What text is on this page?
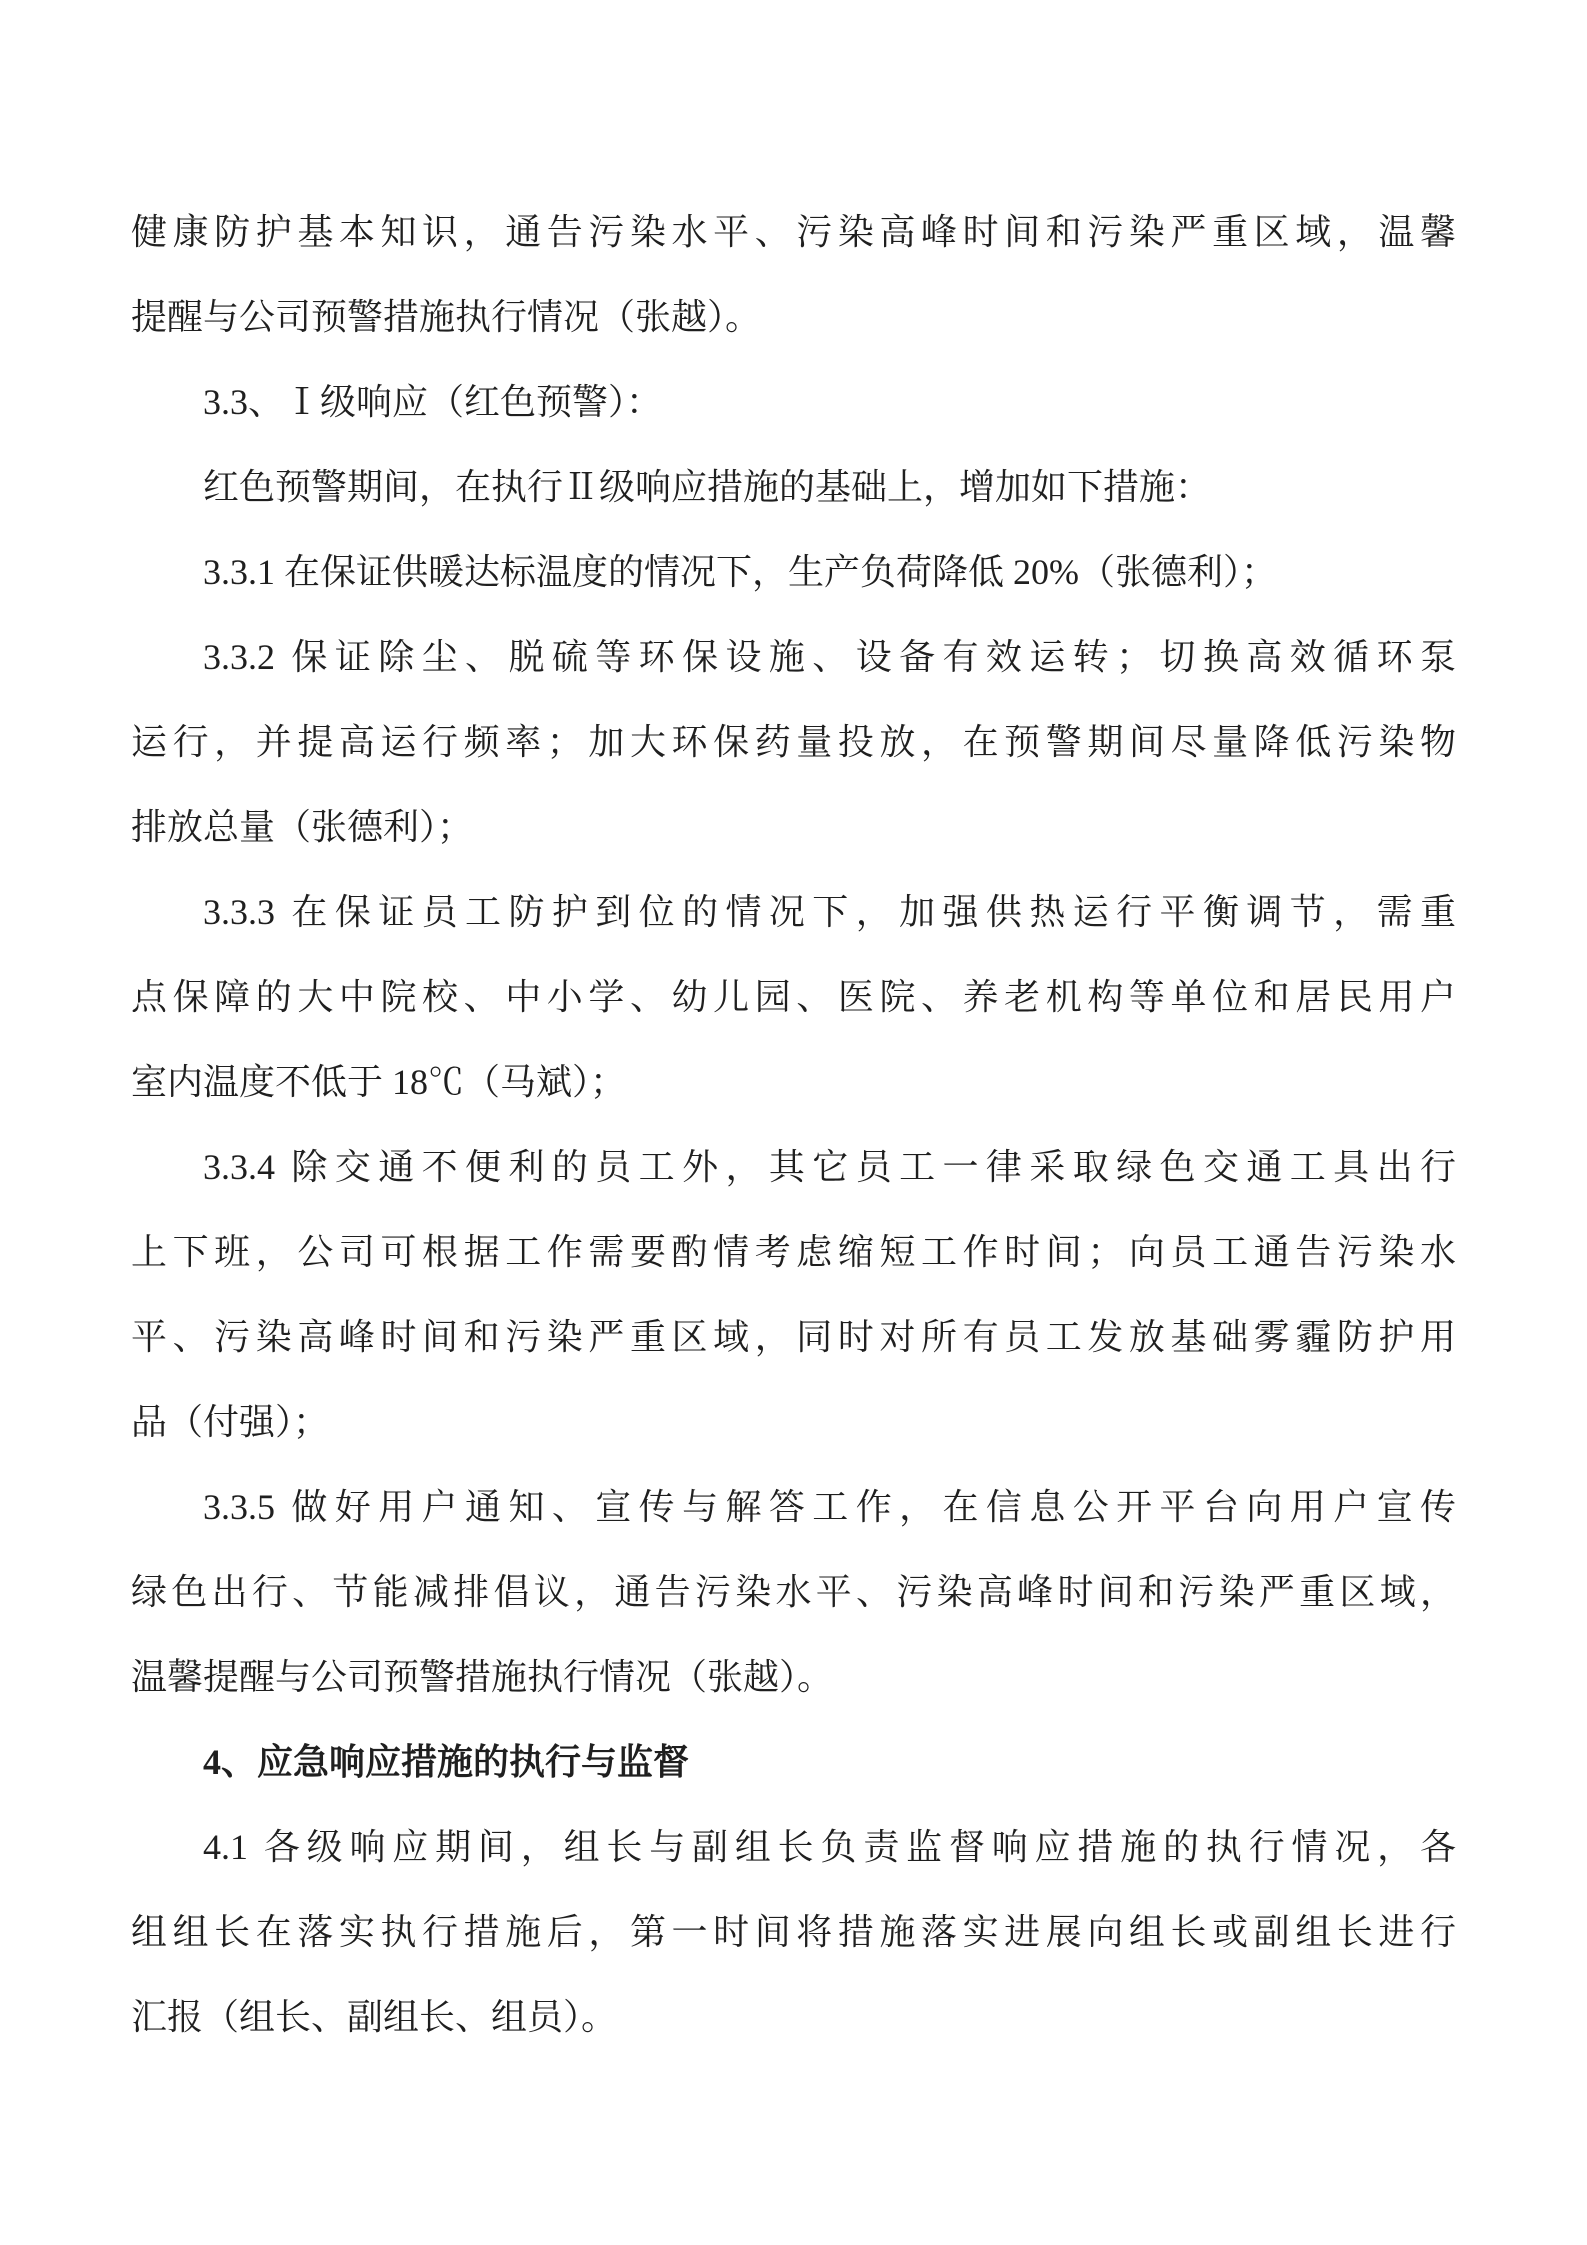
健康防护基本知识，通告污染水平、污染高峰时间和污染严重区域，温馨
提醒与公司预警措施执行情况（张越）。
3.3、Ⅰ级响应（红色预警）：
红色预警期间，在执行Ⅱ级响应措施的基础上，增加如下措施：
3.3.1 在保证供暖达标温度的情况下，生产负荷降低 20%（张德利）；
3.3.2 保证除尘、脱硫等环保设施、设备有效运转；切换高效循环泵
运行，并提高运行频率；加大环保药量投放，在预警期间尽量降低污染物
排放总量（张德利）；
3.3.3 在保证员工防护到位的情况下，加强供热运行平衡调节，需重
点保障的大中院校、中小学、幼儿园、医院、养老机构等单位和居民用户
室内温度不低于 18℃（马斌）；
3.3.4 除交通不便利的员工外，其它员工一律采取绿色交通工具出行
上下班，公司可根据工作需要酌情考虑缩短工作时间；向员工通告污染水
平、污染高峰时间和污染严重区域，同时对所有员工发放基础雾霾防护用
品（付强）；
3.3.5 做好用户通知、宣传与解答工作，在信息公开平台向用户宣传
绿色出行、节能减排倡议，通告污染水平、污染高峰时间和污染严重区域，
温馨提醒与公司预警措施执行情况（张越）。
4、应急响应措施的执行与监督
4.1 各级响应期间，组长与副组长负责监督响应措施的执行情况，各
组组长在落实执行措施后，第一时间将措施落实进展向组长或副组长进行
汇报（组长、副组长、组员）。
